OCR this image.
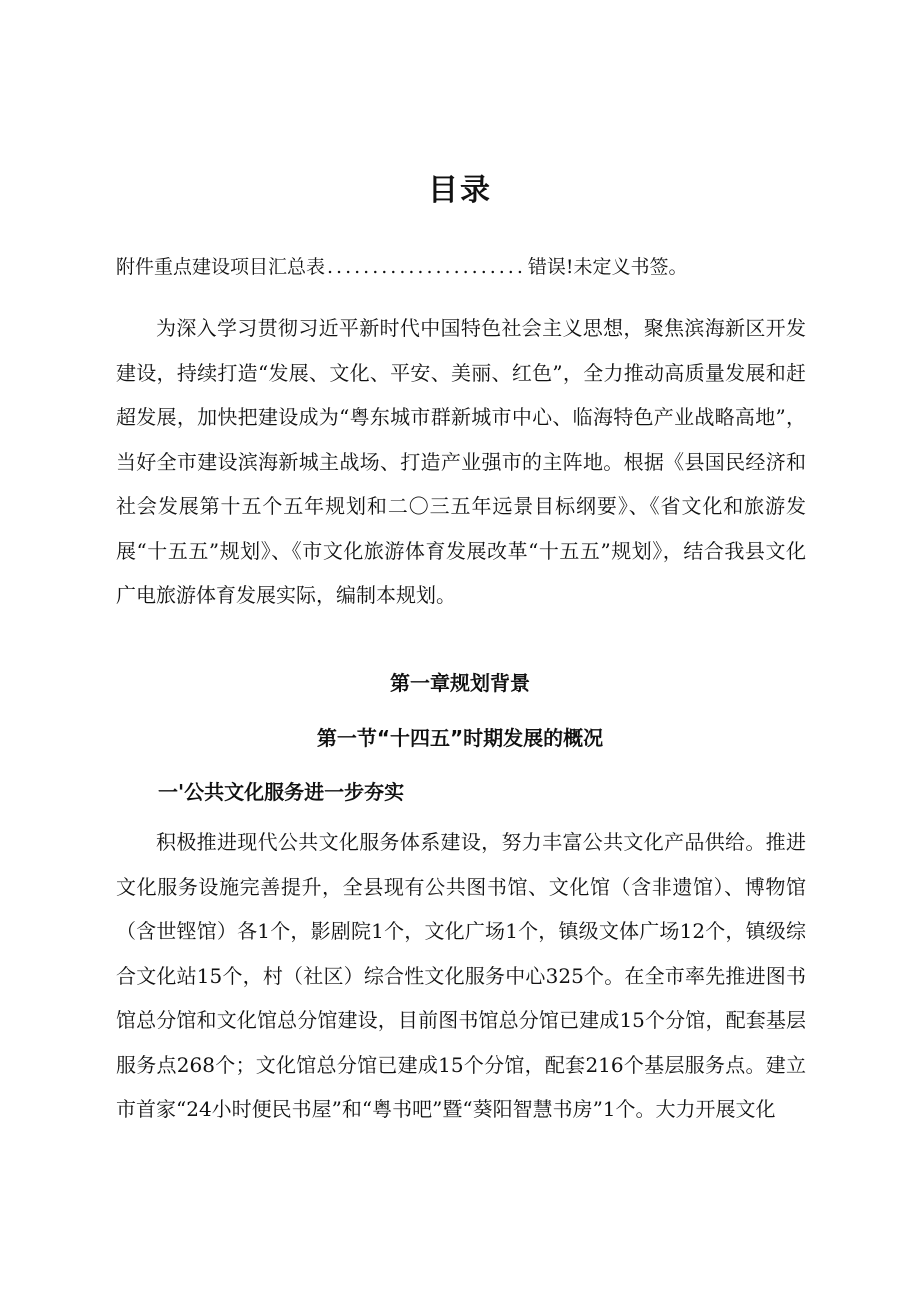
目录
附件重点建设项目汇总表 ...................... 错误!未定义书签。

为深入学习贯彻习近平新时代中国特色社会主义思想，聚焦滨海新区开发建设，持续打造“发展、文化、平安、美丽、红色”，全力推动高质量发展和赶超发展，加快把建设成为“粤东城市群新城市中心、临海特色产业战略高地”，当好全市建设滨海新城主战场、打造产业强市的主阵地。根据《县国民经济和社会发展第十五个五年规划和二〇三五年远景目标纲要》、《省文化和旅游发展“十五五”规划》、《市文化旅游体育发展改革“十五五”规划》，结合我县文化广电旅游体育发展实际，编制本规划。

第一章规划背景
第一节“十四五”时期发展的概况
一'公共文化服务进一步夯实

积极推进现代公共文化服务体系建设，努力丰富公共文化产品供给。推进文化服务设施完善提升，全县现有公共图书馆、文化馆（含非遗馆）、博物馆（含世铿馆）各1个，影剧院1个，文化广场1个，镇级文体广场12个，镇级综合文化站15个，村（社区）综合性文化服务中心325个。在全市率先推进图书馆总分馆和文化馆总分馆建设，目前图书馆总分馆已建成15个分馆，配套基层服务点268个；文化馆总分馆已建成15个分馆，配套216个基层服务点。建立市首家“24小时便民书屋”和“粤书吧”暨“葵阳智慧书房”1个。大力开展文化
